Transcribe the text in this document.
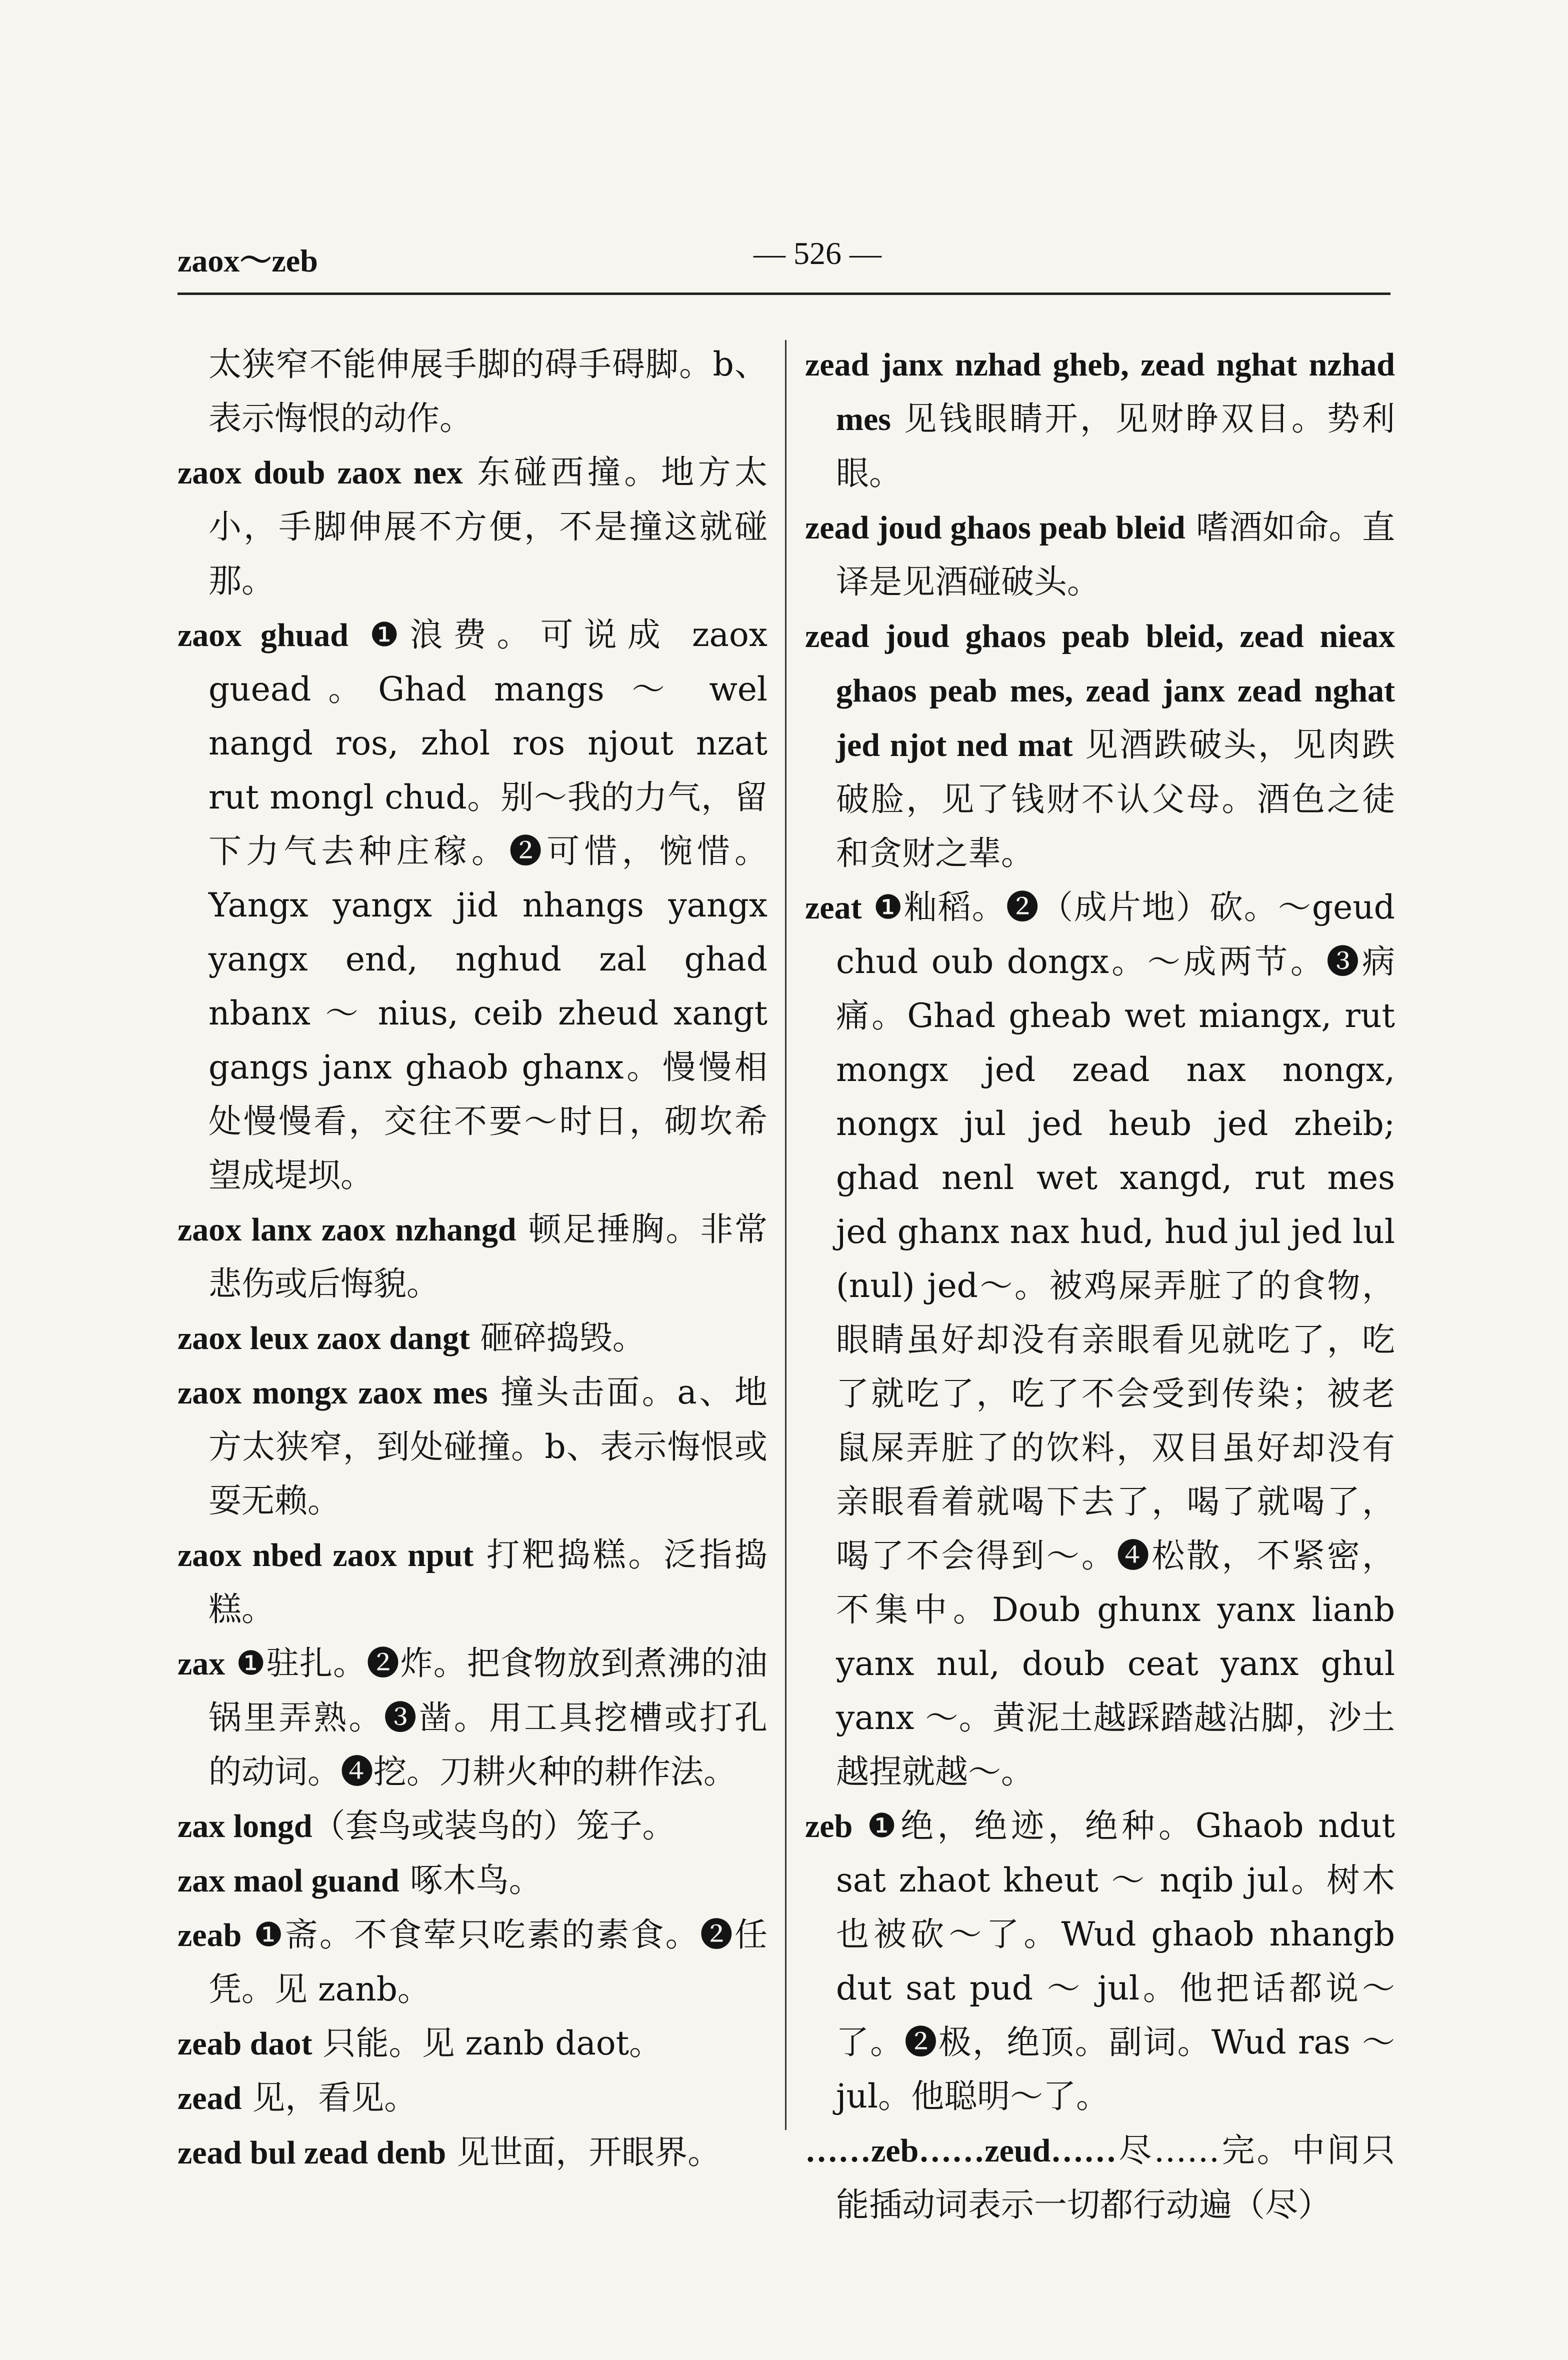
zaox～zeb	— 526 —

太狭窄不能伸展手脚的碍手碍脚。b、表示悔恨的动作。

zaox doub zaox nex 东碰西撞。地方太小，手脚伸展不方便，不是撞这就碰那。

zaox ghuad ❶浪费。可说成 zaox guead。Ghad mangs ～ wel nangd ros, zhol ros njout nzat rut mongl chud。别～我的力气，留下力气去种庄稼。❷可惜，惋惜。Yangx yangx jid nhangs yangx yangx end, nghud zal ghad nbanx ～ nius, ceib zheud xangt gangs janx ghaob ghanx。慢慢相处慢慢看，交往不要～时日，砌坎希望成堤坝。

zaox lanx zaox nzhangd 顿足捶胸。非常悲伤或后悔貌。

zaox leux zaox dangt 砸碎捣毁。

zaox mongx zaox mes 撞头击面。a、地方太狭窄，到处碰撞。b、表示悔恨或耍无赖。

zaox nbed zaox nput 打粑捣糕。泛指捣糕。

zax ❶驻扎。❷炸。把食物放到煮沸的油锅里弄熟。❸凿。用工具挖槽或打孔的动词。❹挖。刀耕火种的耕作法。

zax longd（套鸟或装鸟的）笼子。

zax maol guand 啄木鸟。

zeab ❶斋。不食荤只吃素的素食。❷任凭。见 zanb。

zeab daot 只能。见 zanb daot。

zead 见，看见。

zead bul zead denb 见世面，开眼界。

zead janx nzhad gheb, zead nghat nzhad mes 见钱眼睛开，见财睁双目。势利眼。

zead joud ghaos peab bleid 嗜酒如命。直译是见酒碰破头。

zead joud ghaos peab bleid, zead nieax ghaos peab mes, zead janx zead nghat jed njot ned mat 见酒跌破头，见肉跌破脸，见了钱财不认父母。酒色之徒和贪财之辈。

zeat ❶籼稻。❷（成片地）砍。～geud chud oub dongx。～成两节。❸病痛。Ghad gheab wet miangx, rut mongx jed zead nax nongx, nongx jul jed heub jed zheib; ghad nenl wet xangd, rut mes jed ghanx nax hud, hud jul jed lul (nul) jed～。被鸡屎弄脏了的食物，眼睛虽好却没有亲眼看见就吃了，吃了就吃了，吃了不会受到传染；被老鼠屎弄脏了的饮料，双目虽好却没有亲眼看着就喝下去了，喝了就喝了，喝了不会得到～。❹松散，不紧密，不集中。Doub ghunx yanx lianb yanx nul, doub ceat yanx ghul yanx ～。黄泥土越踩踏越沾脚，沙土越捏就越～。

zeb ❶绝，绝迹，绝种。Ghaob ndut sat zhaot kheut ～ nqib jul。树木也被砍～了。Wud ghaob nhangb dut sat pud ～ jul。他把话都说～了。❷极，绝顶。副词。Wud ras ～ jul。他聪明～了。

……zeb……zeud……尽……完。中间只能插动词表示一切都行动遍（尽）
